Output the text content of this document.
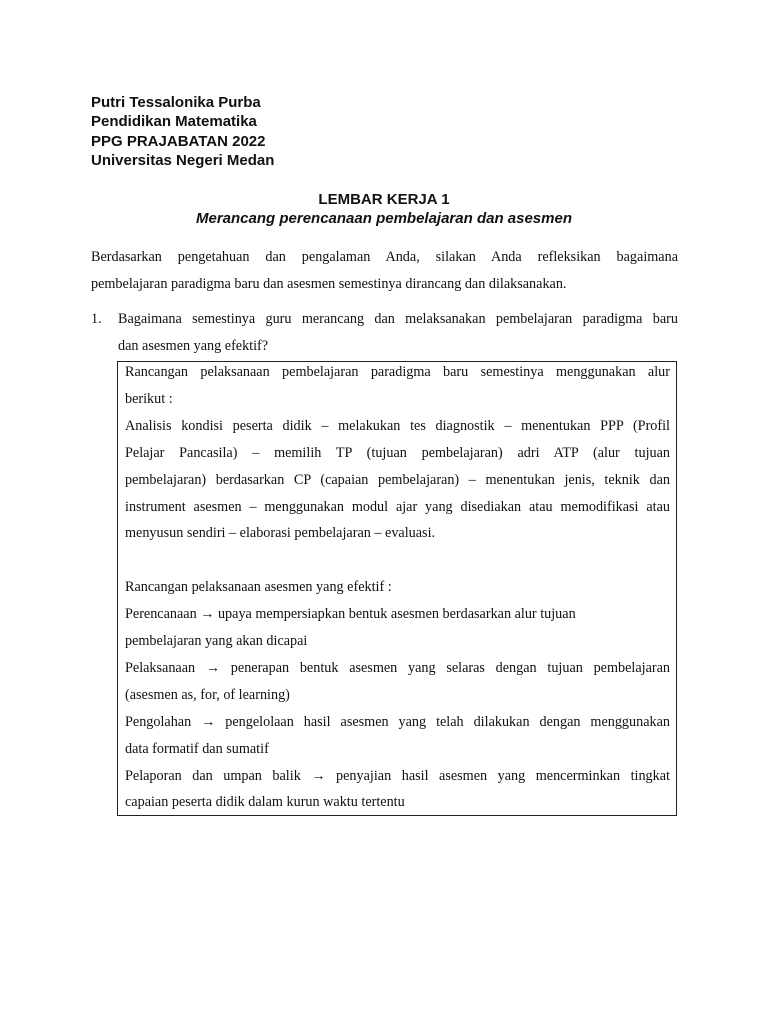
Putri Tessalonika Purba
Pendidikan Matematika
PPG PRAJABATAN 2022
Universitas Negeri Medan
LEMBAR KERJA 1
Merancang perencanaan pembelajaran dan asesmen
Berdasarkan pengetahuan dan pengalaman Anda, silakan Anda refleksikan bagaimana
pembelajaran paradigma baru dan asesmen semestinya dirancang dan dilaksanakan.
1. Bagaimana semestinya guru merancang dan melaksanakan pembelajaran paradigma baru
dan asesmen yang efektif?
Rancangan pelaksanaan pembelajaran paradigma baru semestinya menggunakan alur
berikut :
Analisis kondisi peserta didik – melakukan tes diagnostik – menentukan PPP (Profil
Pelajar Pancasila) – memilih TP (tujuan pembelajaran) adri ATP (alur tujuan
pembelajaran) berdasarkan CP (capaian pembelajaran) – menentukan jenis, teknik dan
instrument asesmen – menggunakan modul ajar yang disediakan atau memodifikasi atau
menyusun sendiri – elaborasi pembelajaran – evaluasi.
Rancangan pelaksanaan asesmen yang efektif :
Perencanaan → upaya mempersiapkan bentuk asesmen berdasarkan alur tujuan
pembelajaran yang akan dicapai
Pelaksanaan → penerapan bentuk asesmen yang selaras dengan tujuan pembelajaran
(asesmen as, for, of learning)
Pengolahan → pengelolaan hasil asesmen yang telah dilakukan dengan menggunakan
data formatif dan sumatif
Pelaporan dan umpan balik → penyajian hasil asesmen yang mencerminkan tingkat
capaian peserta didik dalam kurun waktu tertentu
